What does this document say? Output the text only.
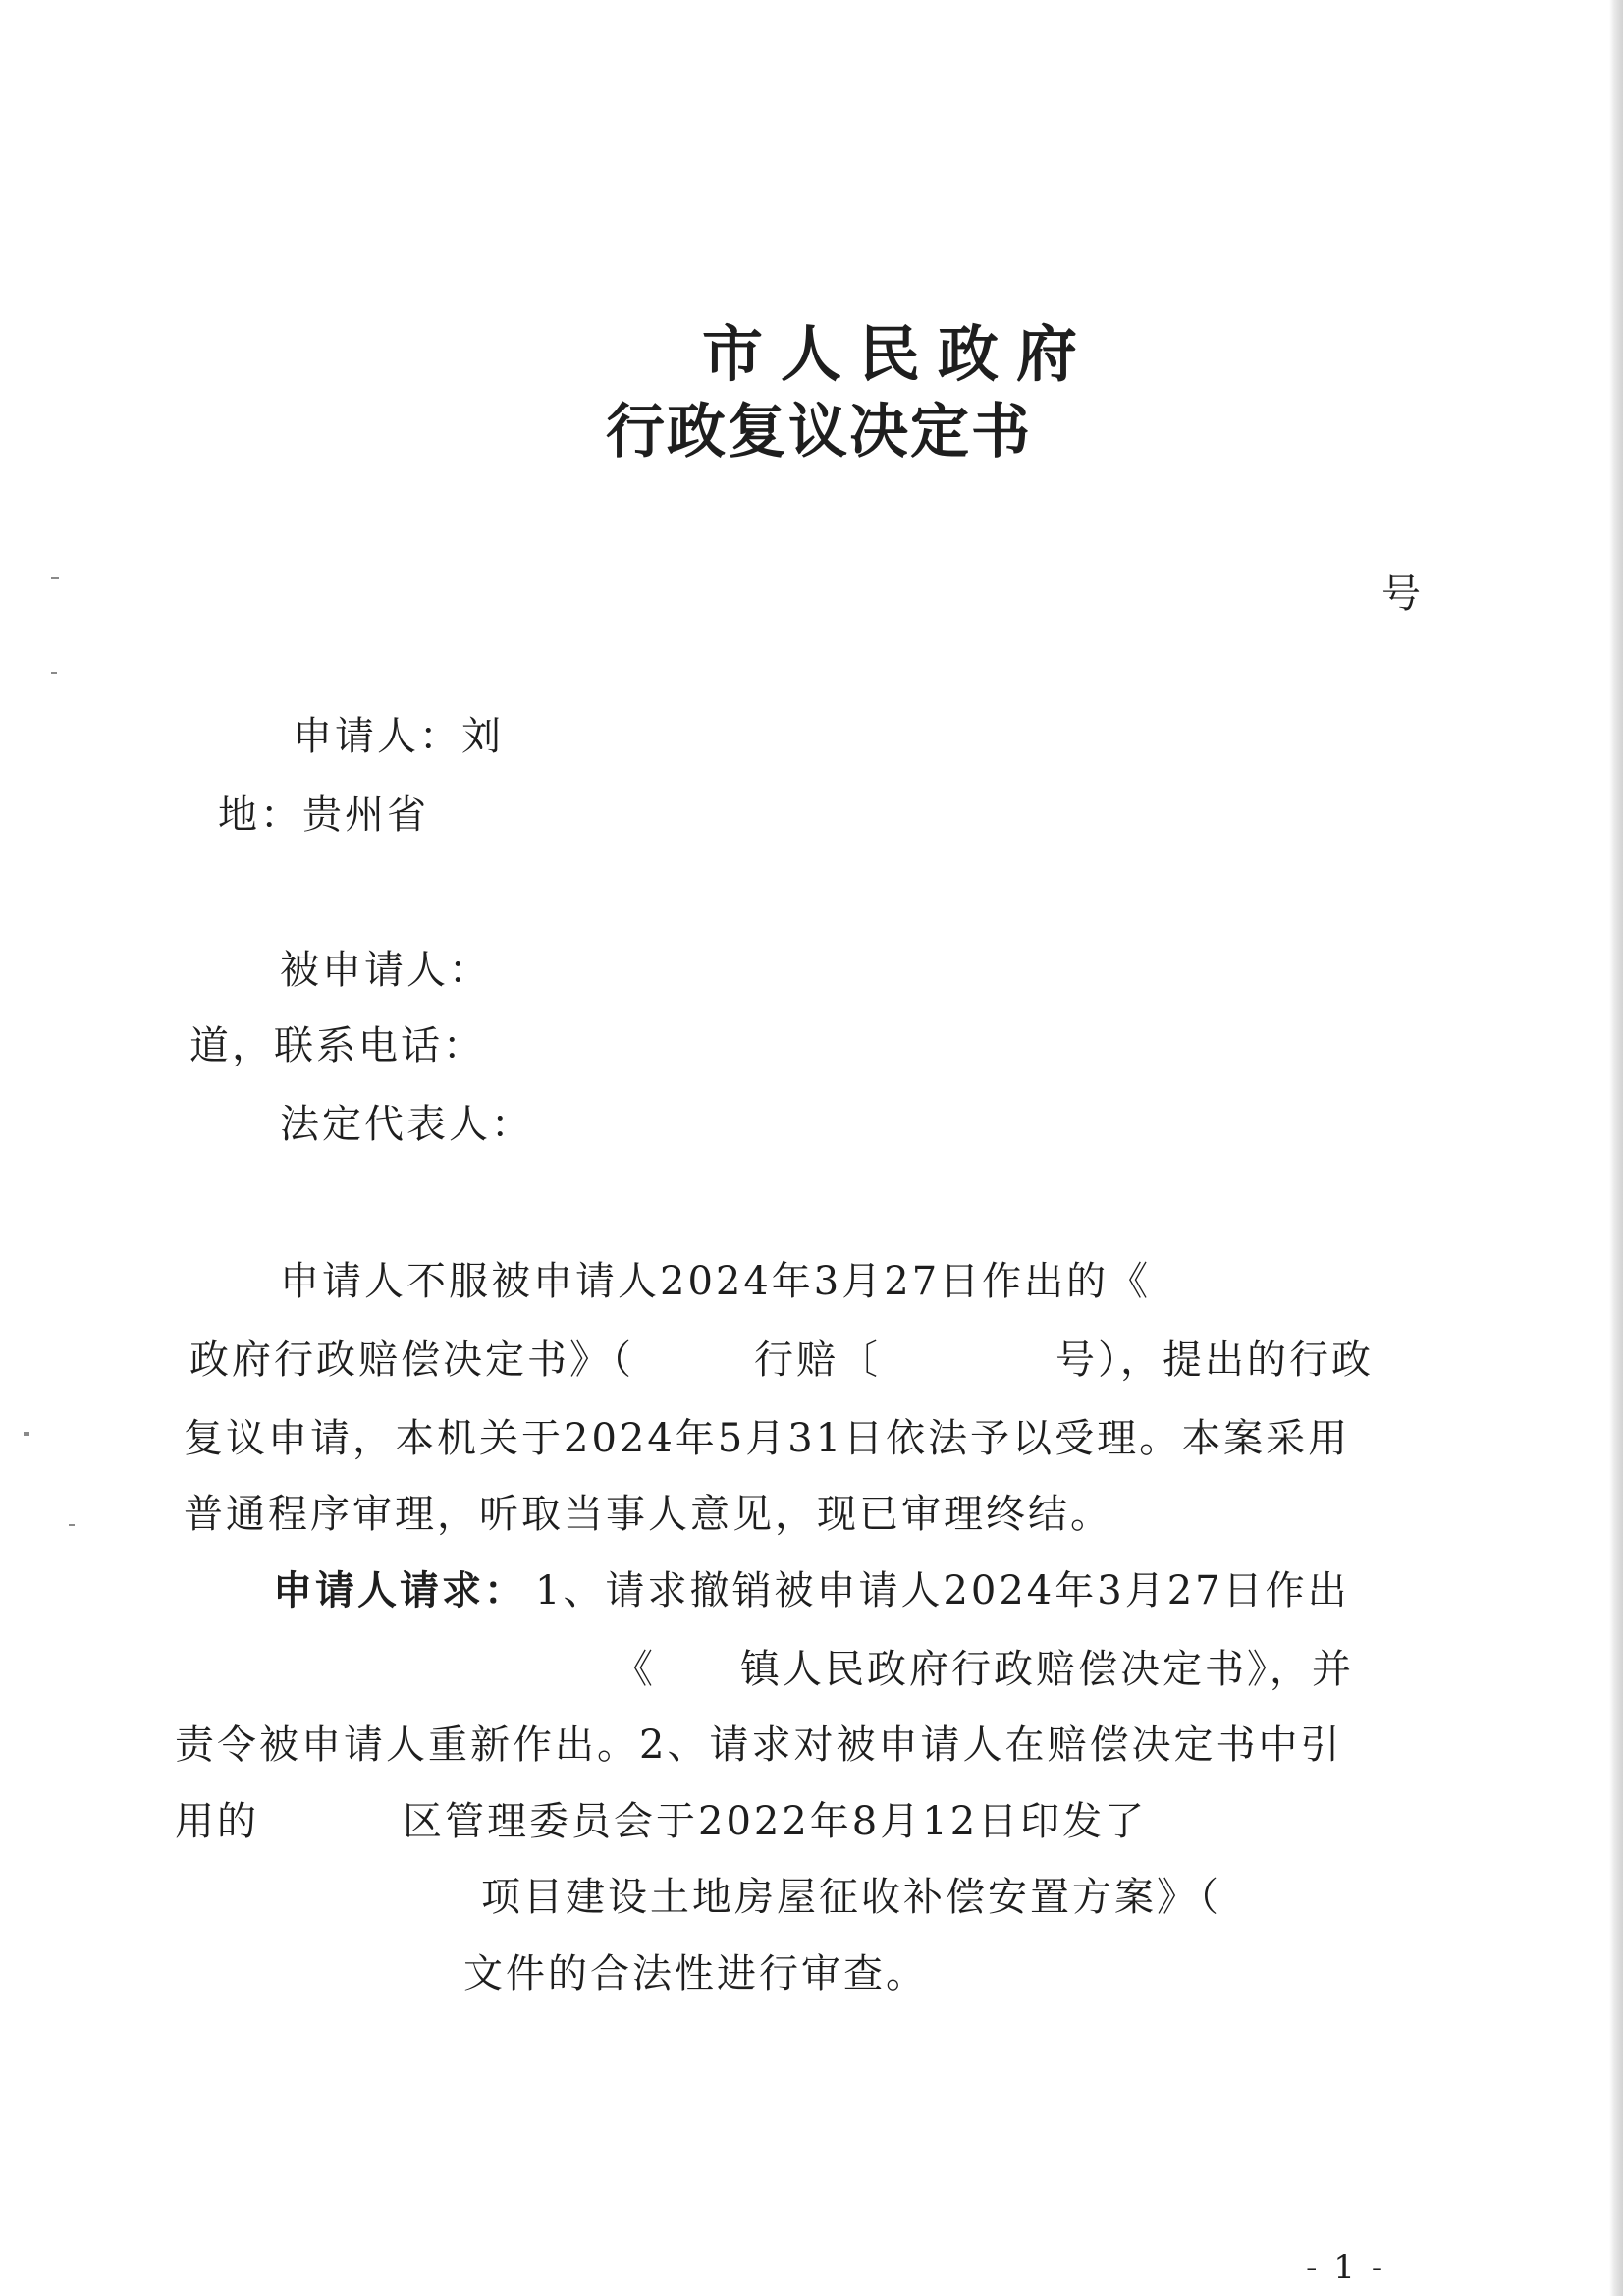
市人民政府
行政复议决定书
号
申请人：刘
地：贵州省
被申请人：
道，联系电话：
法定代表人：
申请人不服被申请人2024年3月27日作出的《
政府行政赔偿决定书》（	行赔〔	号），提出的行政
复议申请，本机关于2024年5月31日依法予以受理。本案采用
普通程序审理，听取当事人意见，现已审理终结。
申请人请求： 1、请求撤销被申请人2024年3月27日作出
《　　镇人民政府行政赔偿决定书》，并
责令被申请人重新作出。2、请求对被申请人在赔偿决定书中引
用的	区管理委员会于2022年8月12日印发了
项目建设土地房屋征收补偿安置方案》（
文件的合法性进行审查。
- 1 -
